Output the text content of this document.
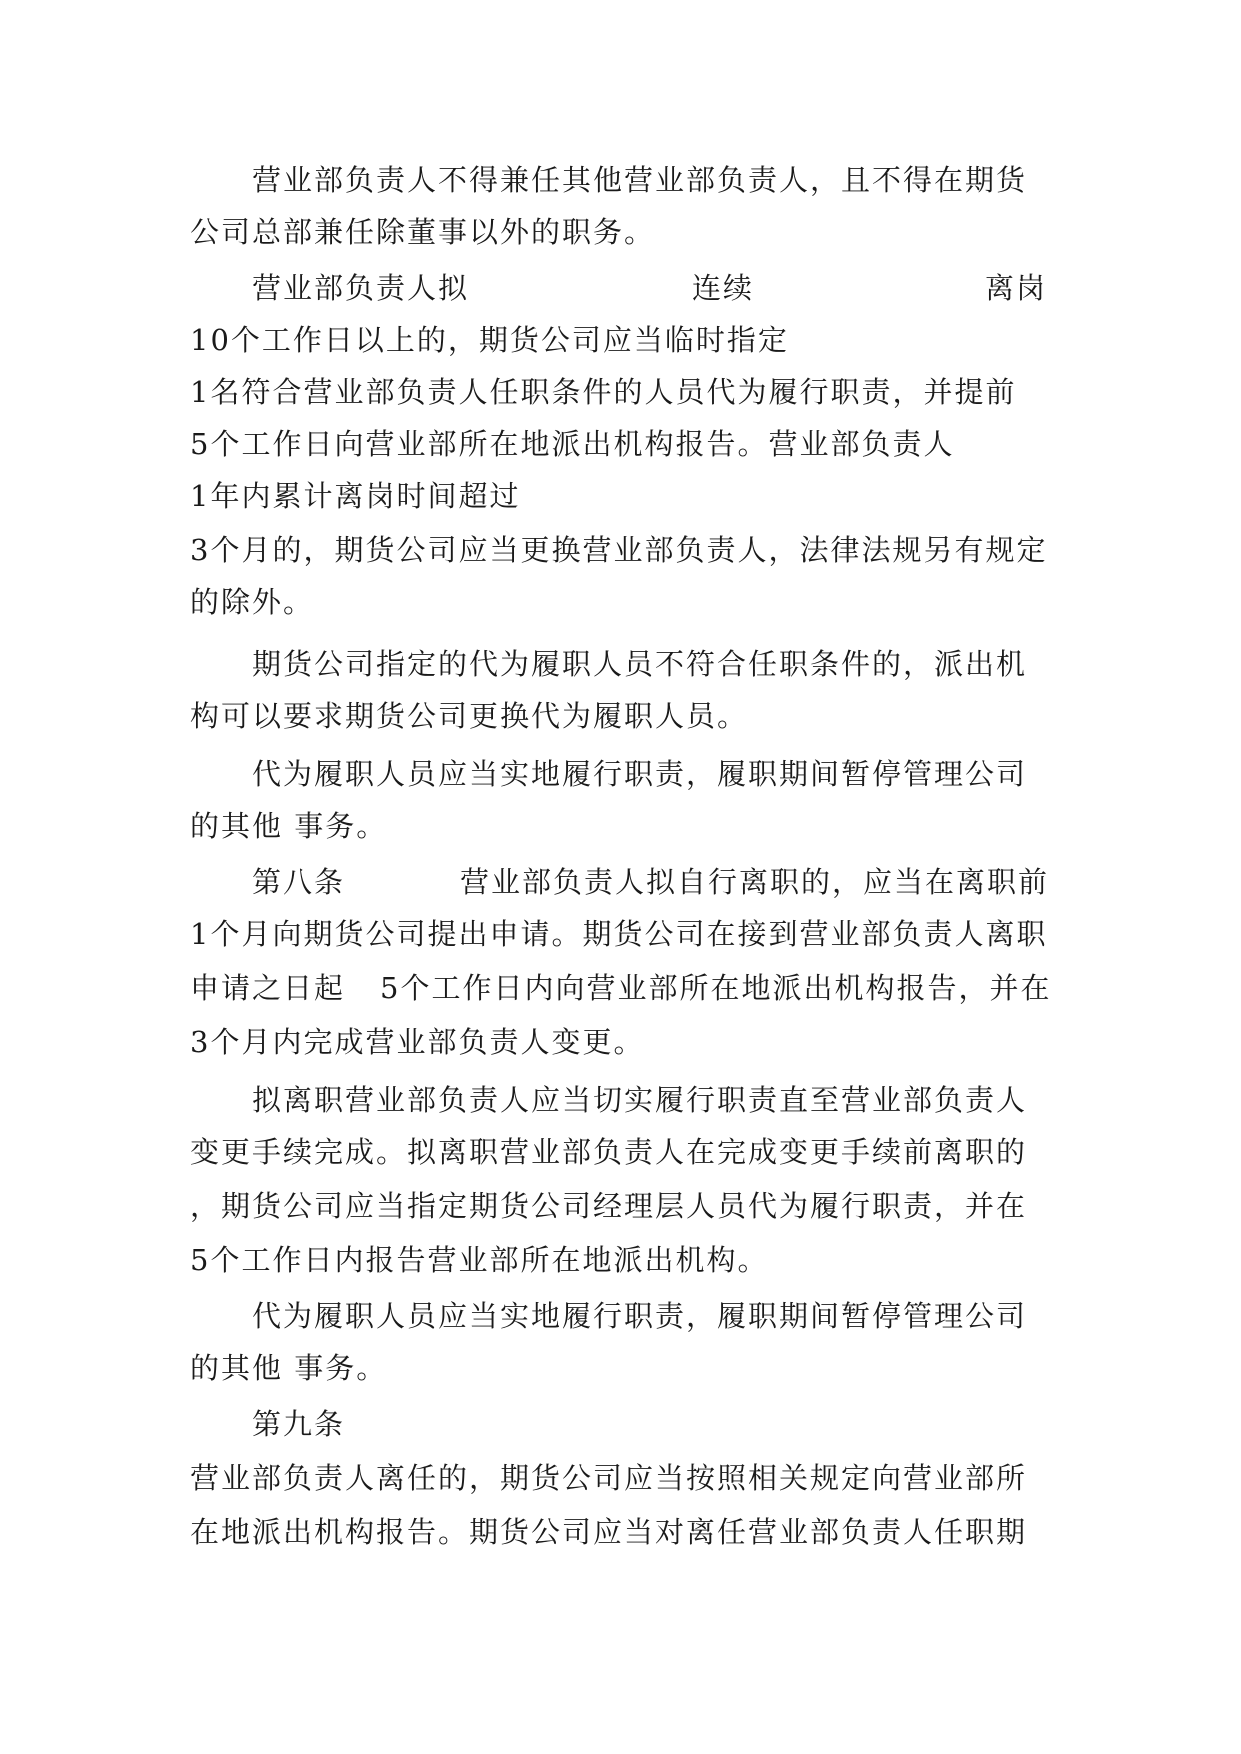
营业部负责人不得兼任其他营业部负责人，且不得在期货
公司总部兼任除董事以外的职务。

营业部负责人拟

	连续

	离岗

10个工作日以上的，期货公司应当临时指定
1名符合营业部负责人任职条件的人员代为履行职责，并提前
5个工作日向营业部所在地派出机构报告。营业部负责人
1年内累计离岗时间超过
3个月的，期货公司应当更换营业部负责人，法律法规另有规定
的除外。
期货公司指定的代为履职人员不符合任职条件的，派出机
构可以要求期货公司更换代为履职人员。
代为履职人员应当实地履行职责，履职期间暂停管理公司
的其他 事务。

第八条

	营业部负责人拟自行离职的，应当在离职前

1个月向期货公司提出申请。期货公司在接到营业部负责人离职

申请之日起

5个工作日内向营业部所在地派出机构报告，并在

3个月内完成营业部负责人变更。
拟离职营业部负责人应当切实履行职责直至营业部负责人
变更手续完成。拟离职营业部负责人在完成变更手续前离职的
，期货公司应当指定期货公司经理层人员代为履行职责，并在
5个工作日内报告营业部所在地派出机构。
代为履职人员应当实地履行职责，履职期间暂停管理公司
的其他 事务。
第九条
营业部负责人离任的，期货公司应当按照相关规定向营业部所
在地派出机构报告。期货公司应当对离任营业部负责人任职期
